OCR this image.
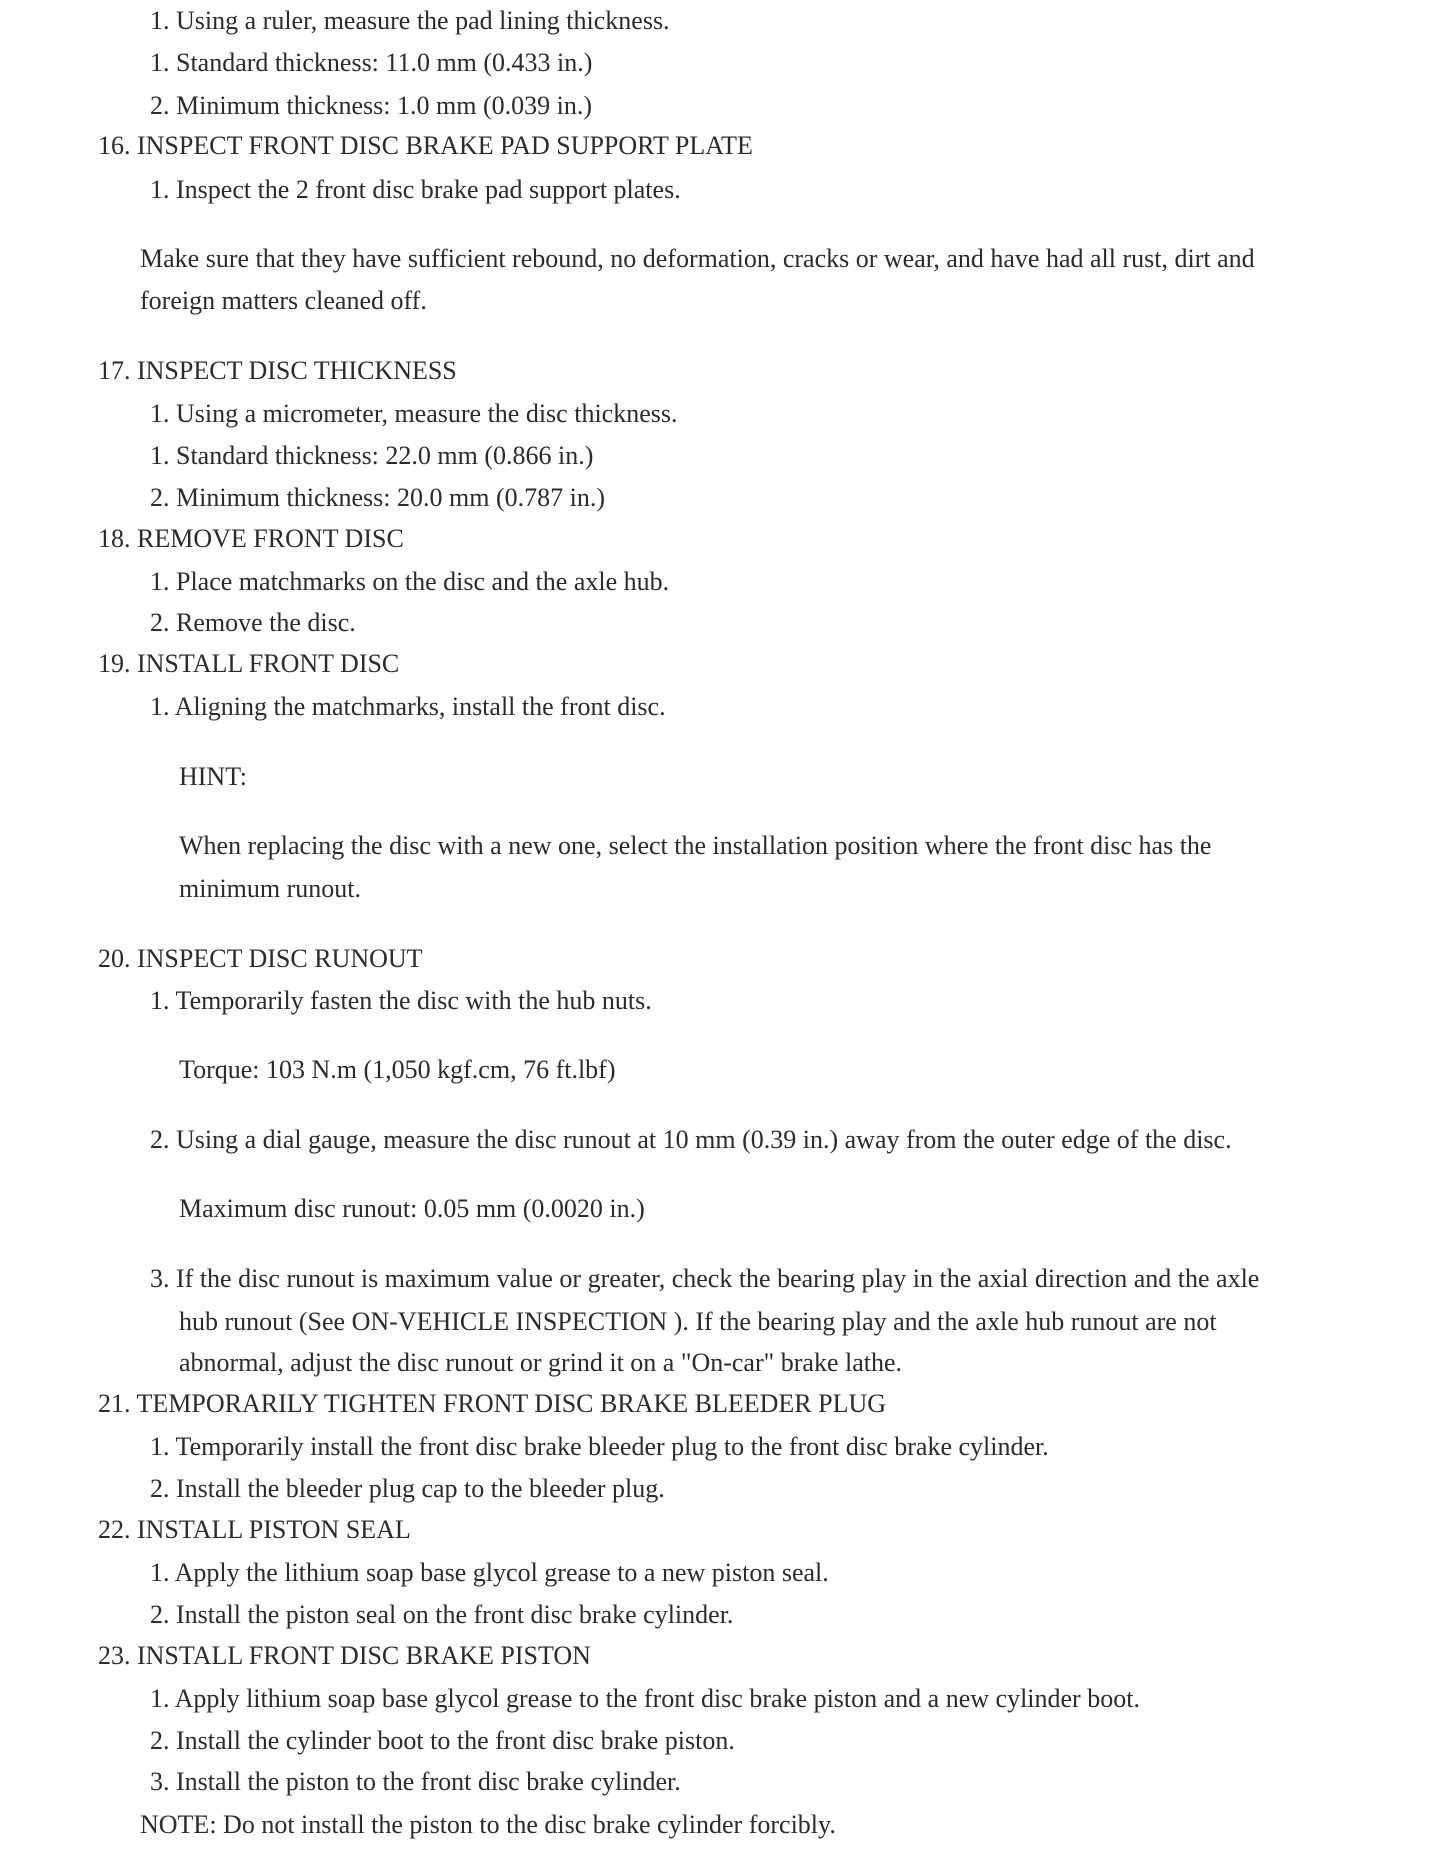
1. Using a ruler, measure the pad lining thickness.

1. Standard thickness: 11.0 mm (0.433 in.)

2. Minimum thickness: 1.0 mm (0.039 in.)

16. INSPECT FRONT DISC BRAKE PAD SUPPORT PLATE

1. Inspect the 2 front disc brake pad support plates.

Make sure that they have sufficient rebound, no deformation, cracks or wear, and have had all rust, dirt and

foreign matters cleaned off.

17. INSPECT DISC THICKNESS

1. Using a micrometer, measure the disc thickness.

1. Standard thickness: 22.0 mm (0.866 in.)

2. Minimum thickness: 20.0 mm (0.787 in.)

18. REMOVE FRONT DISC

1. Place matchmarks on the disc and the axle hub.

2. Remove the disc.

19. INSTALL FRONT DISC

1. Aligning the matchmarks, install the front disc.

HINT:

When replacing the disc with a new one, select the installation position where the front disc has the

minimum runout.

20. INSPECT DISC RUNOUT

1. Temporarily fasten the disc with the hub nuts.

Torque: 103 N.m (1,050 kgf.cm, 76 ft.lbf)

2. Using a dial gauge, measure the disc runout at 10 mm (0.39 in.) away from the outer edge of the disc.

Maximum disc runout: 0.05 mm (0.0020 in.)

3. If the disc runout is maximum value or greater, check the bearing play in the axial direction and the axle

hub runout (See ON-VEHICLE INSPECTION ). If the bearing play and the axle hub runout are not

abnormal, adjust the disc runout or grind it on a "On-car" brake lathe.

21. TEMPORARILY TIGHTEN FRONT DISC BRAKE BLEEDER PLUG

1. Temporarily install the front disc brake bleeder plug to the front disc brake cylinder.

2. Install the bleeder plug cap to the bleeder plug.

22. INSTALL PISTON SEAL

1. Apply the lithium soap base glycol grease to a new piston seal.

2. Install the piston seal on the front disc brake cylinder.

23. INSTALL FRONT DISC BRAKE PISTON

1. Apply lithium soap base glycol grease to the front disc brake piston and a new cylinder boot.

2. Install the cylinder boot to the front disc brake piston.

3. Install the piston to the front disc brake cylinder.

NOTE: Do not install the piston to the disc brake cylinder forcibly.
